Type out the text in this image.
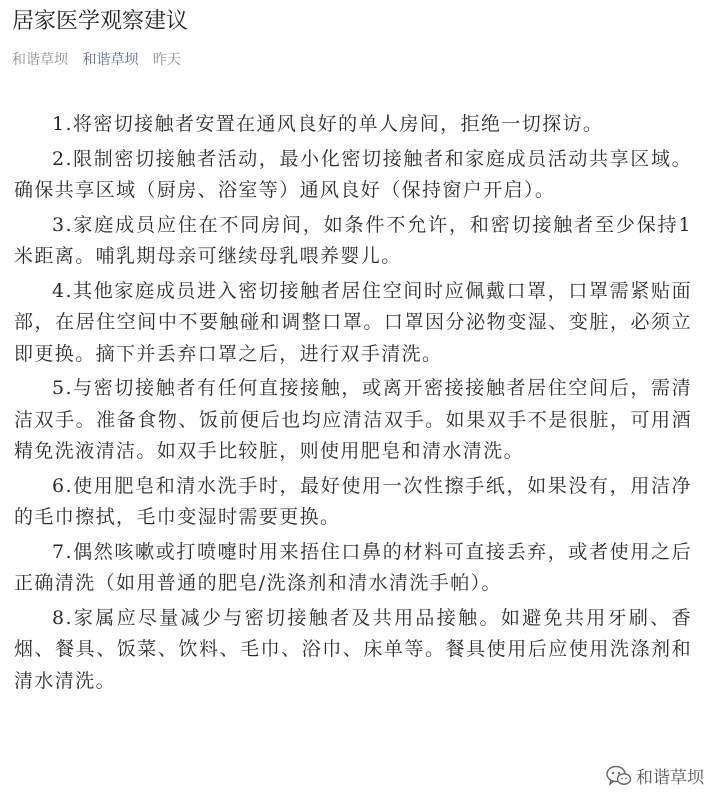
居家医学观察建议
和谐草坝 和谐草坝 昨天

1.将密切接触者安置在通风良好的单人房间，拒绝一切探访。

2.限制密切接触者活动，最小化密切接触者和家庭成员活动共享区域。确保共享区域（厨房、浴室等）通风良好（保持窗户开启）。

3.家庭成员应住在不同房间，如条件不允许，和密切接触者至少保持1米距离。哺乳期母亲可继续母乳喂养婴儿。

4.其他家庭成员进入密切接触者居住空间时应佩戴口罩，口罩需紧贴面部，在居住空间中不要触碰和调整口罩。口罩因分泌物变湿、变脏，必须立即更换。摘下并丢弃口罩之后，进行双手清洗。

5.与密切接触者有任何直接接触，或离开密接接触者居住空间后，需清洁双手。准备食物、饭前便后也均应清洁双手。如果双手不是很脏，可用酒精免洗液清洁。如双手比较脏，则使用肥皂和清水清洗。

6.使用肥皂和清水洗手时，最好使用一次性擦手纸，如果没有，用洁净的毛巾擦拭，毛巾变湿时需要更换。

7.偶然咳嗽或打喷嚏时用来捂住口鼻的材料可直接丢弃，或者使用之后正确清洗（如用普通的肥皂/洗涤剂和清水清洗手帕）。

8.家属应尽量减少与密切接触者及共用品接触。如避免共用牙刷、香烟、餐具、饭菜、饮料、毛巾、浴巾、床单等。餐具使用后应使用洗涤剂和清水清洗。

和谐草坝
